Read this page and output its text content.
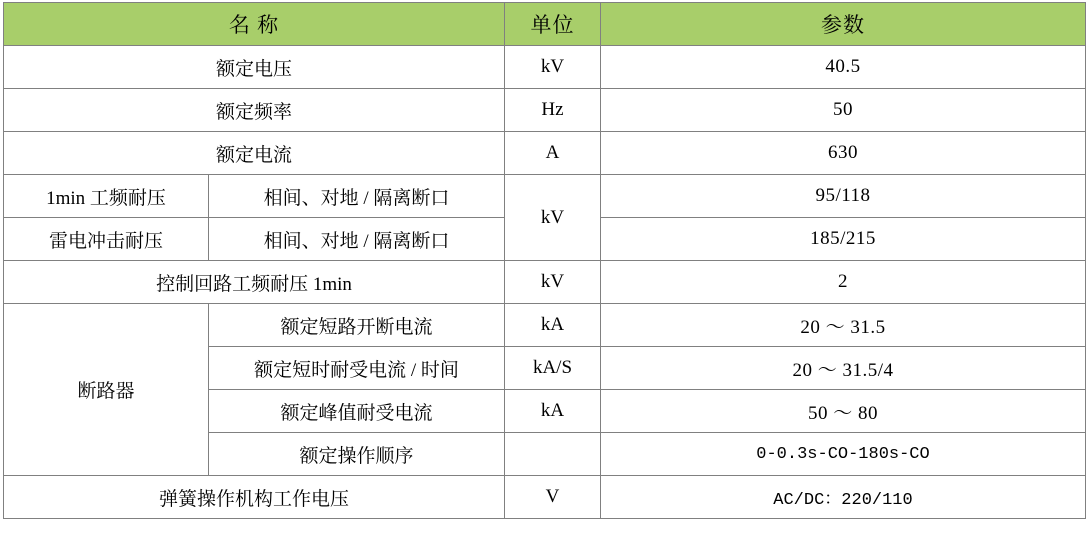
名 称		单位	参数
额定电压		kV	40.5
额定频率		Hz	50
额定电流		A	630
1min 工频耐压	相间、对地 / 隔离断口	kV	95/118
雷电冲击耐压	相间、对地 / 隔离断口		185/215
控制回路工频耐压 1min		kV	2
断路器	额定短路开断电流	kA	20 ～ 31.5
	额定短时耐受电流 / 时间	kA/S	20 ～ 31.5/4
	额定峰值耐受电流	kA	50 ～ 80
	额定操作顺序		0-0.3s-CO-180s-CO
弹簧操作机构工作电压		V	AC/DC：220/110
